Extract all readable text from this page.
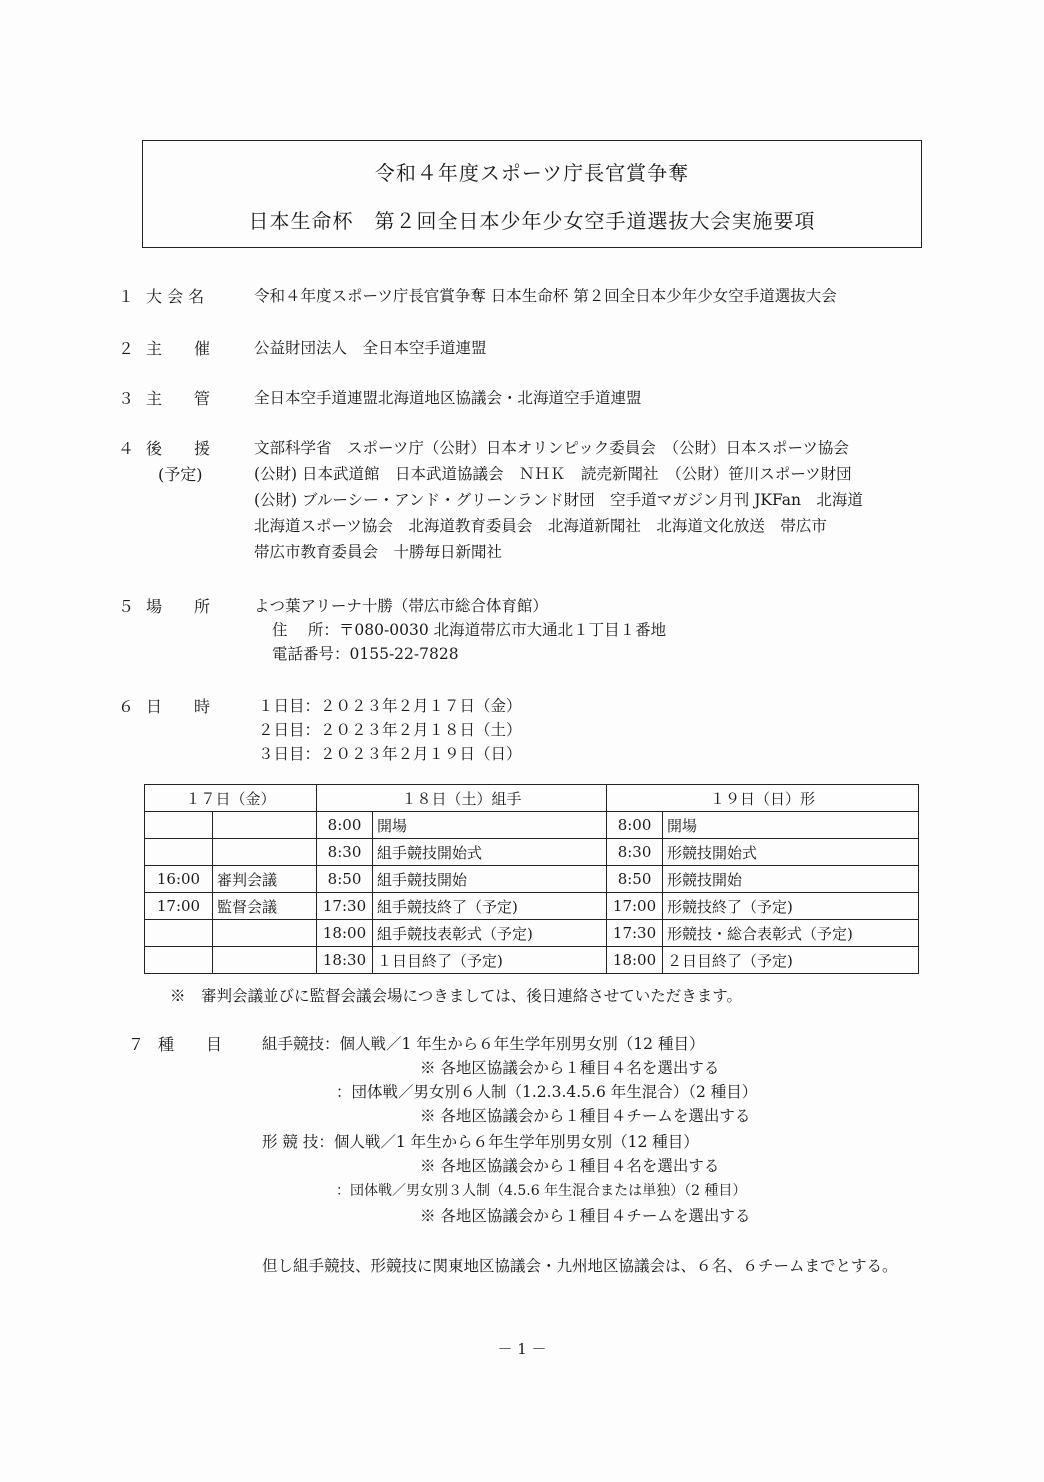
令和４年度スポーツ庁長官賞争奪
日本生命杯　第２回全日本少年少女空手道選抜大会実施要項
１ 大 会 名	令和４年度スポーツ庁長官賞争奪 日本生命杯 第２回全日本少年少女空手道選抜大会
２ 主　　催	公益財団法人　全日本空手道連盟
３ 主　　管	全日本空手道連盟北海道地区協議会・北海道空手道連盟
４ 後　　援
(予定)
文部科学省　スポーツ庁（公財）日本オリンピック委員会　（公財）日本スポーツ協会
(公財) 日本武道館　日本武道協議会　ＮＨＫ　読売新聞社　（公財）笹川スポーツ財団
(公財) ブルーシー・アンド・グリーンランド財団　空手道マガジン月刊 JKFan　北海道
北海道スポーツ協会　北海道教育委員会　北海道新聞社　北海道文化放送　帯広市
帯広市教育委員会　十勝毎日新聞社
５ 場　　所	よつ葉アリーナ十勝（帯広市総合体育館）
住　 所：〒080-0030 北海道帯広市大通北１丁目１番地
電話番号：0155-22-7828
６ 日　　時	１日目：２０２３年２月１７日（金）
２日目：２０２３年２月１８日（土）
３日目：２０２３年２月１９日（日）
１７日（金）		１８日（土）組手		１９日（日）形	
		8:00	開場	8:00	開場
		8:30	組手競技開始式	8:30	形競技開始式
16:00	審判会議	8:50	組手競技開始	8:50	形競技開始
17:00	監督会議	17:30	組手競技終了（予定)	17:00	形競技終了（予定)
		18:00	組手競技表彰式（予定)	17:30	形競技・総合表彰式（予定)
		18:30	１日目終了（予定)	18:00	２日目終了（予定)
※　審判会議並びに監督会議会場につきましては、後日連絡させていただきます。
７ 種　　目	組手競技：個人戦／1 年生から６年生学年別男女別（12 種目）
※ 各地区協議会から１種目４名を選出する
：団体戦／男女別６人制（1.2.3.4.5.6 年生混合）（2 種目）
※ 各地区協議会から１種目４チームを選出する
形 競 技：個人戦／1 年生から６年生学年別男女別（12 種目）
※ 各地区協議会から１種目４名を選出する
：団体戦／男女別３人制（4.5.6 年生混合または単独）（2 種目）
※ 各地区協議会から１種目４チームを選出する
但し組手競技、形競技に関東地区協議会・九州地区協議会は、６名、６チームまでとする。
－ 1 －
